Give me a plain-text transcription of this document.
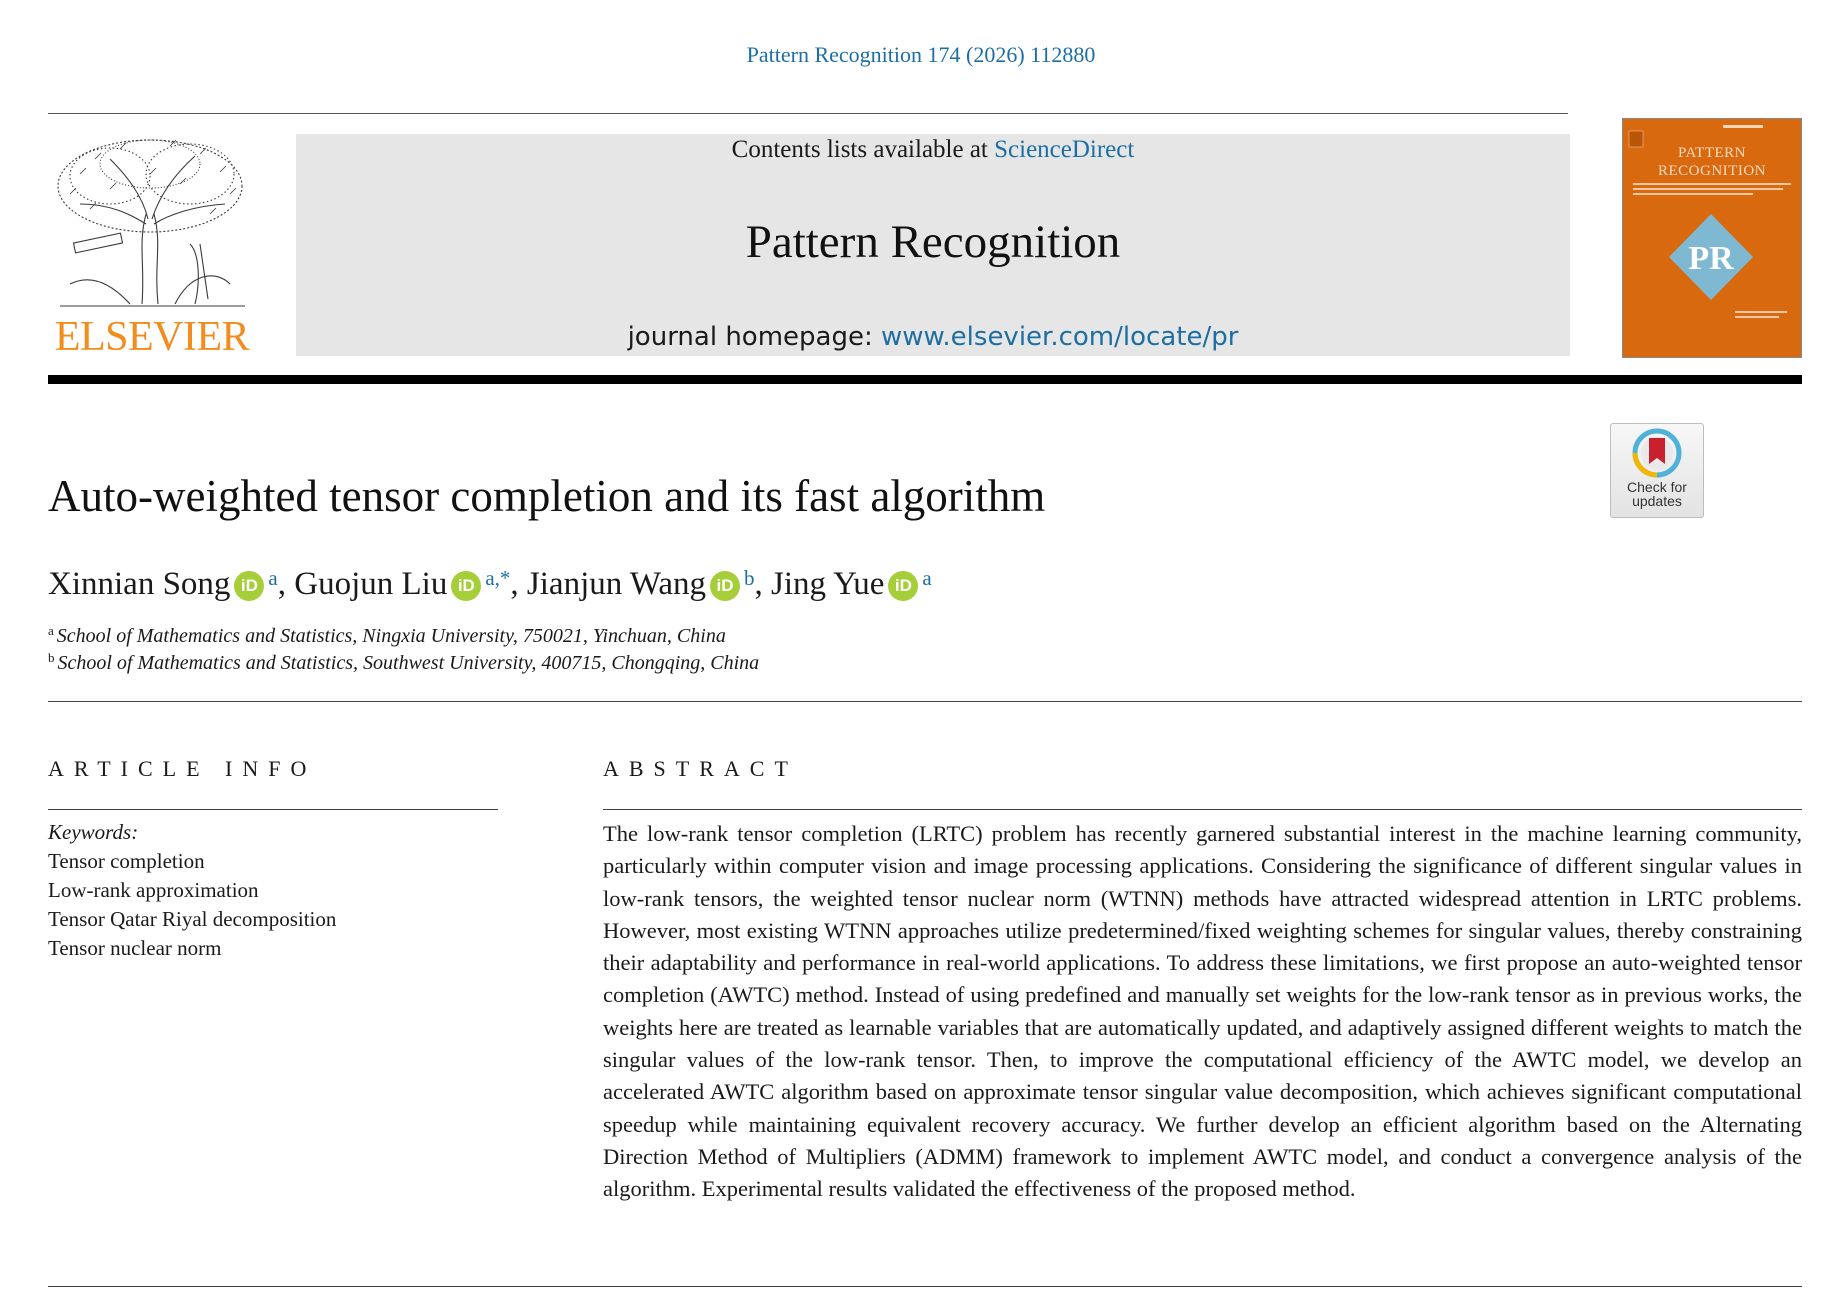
Pattern Recognition 174 (2026) 112880
ELSEVIER
Contents lists available at ScienceDirect
Pattern Recognition
journal homepage: www.elsevier.com/locate/pr
PATTERN
RECOGNITION
PR
Check for
updates
Auto-weighted tensor completion and its fast algorithm
Xinnian Song iD $^a$, Guojun Liu iD $^{a,*}$, Jianjun Wang iD $^b$, Jing Yue iD $^a$
$^a$ School of Mathematics and Statistics, Ningxia University, 750021, Yinchuan, China
$^b$ School of Mathematics and Statistics, Southwest University, 400715, Chongqing, China
ARTICLE INFO	ABSTRACT
Keywords:
Tensor completion
Low-rank approximation
Tensor Qatar Riyal decomposition
Tensor nuclear norm
The low-rank tensor completion (LRTC) problem has recently garnered substantial interest in the machine learning community, particularly within computer vision and image processing applications. Considering the significance of different singular values in low-rank tensors, the weighted tensor nuclear norm (WTNN) methods have attracted widespread attention in LRTC problems. However, most existing WTNN approaches utilize predetermined/fixed weighting schemes for singular values, thereby constraining their adaptability and performance in real-world applications. To address these limitations, we first propose an auto-weighted tensor completion (AWTC) method. Instead of using predefined and manually set weights for the low-rank tensor as in previous works, the weights here are treated as learnable variables that are automatically updated, and adaptively assigned different weights to match the singular values of the low-rank tensor. Then, to improve the computational efficiency of the AWTC model, we develop an accelerated AWTC algorithm based on approximate tensor singular value decomposition, which achieves significant computational speedup while maintaining equivalent recovery accuracy. We further develop an efficient algorithm based on the Alternating Direction Method of Multipliers (ADMM) framework to implement AWTC model, and conduct a convergence analysis of the algorithm. Experimental results validated the effectiveness of the proposed method.
